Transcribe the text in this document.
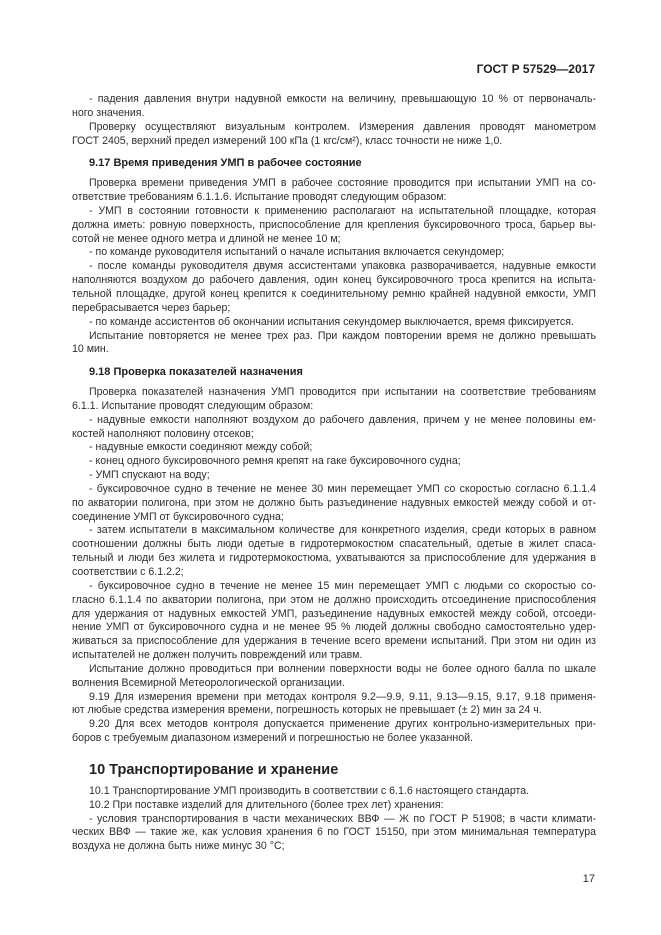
ГОСТ Р 57529—2017
- падения давления внутри надувной емкости на величину, превышающую 10 % от первоначаль-
ного значения.
Проверку осуществляют визуальным контролем. Измерения давления проводят манометром
ГОСТ 2405, верхний предел измерений 100 кПа (1 кгс/см²), класс точности не ниже 1,0.
9.17 Время приведения УМП в рабочее состояние
Проверка времени приведения УМП в рабочее состояние проводится при испытании УМП на со-
ответствие требованиям 6.1.1.6. Испытание проводят следующим образом:
- УМП в состоянии готовности к применению располагают на испытательной площадке, которая
должна иметь: ровную поверхность, приспособление для крепления буксировочного троса, барьер вы-
сотой не менее одного метра и длиной не менее 10 м;
- по команде руководителя испытаний о начале испытания включается секундомер;
- после команды руководителя двумя ассистентами упаковка разворачивается, надувные емкости
наполняются воздухом до рабочего давления, один конец буксировочного троса крепится на испыта-
тельной площадке, другой конец крепится к соединительному ремню крайней надувной емкости, УМП
перебрасывается через барьер;
- по команде ассистентов об окончании испытания секундомер выключается, время фиксируется.
Испытание повторяется не менее трех раз. При каждом повторении время не должно превышать
10 мин.
9.18 Проверка показателей назначения
Проверка показателей назначения УМП проводится при испытании на соответствие требованиям
6.1.1. Испытание проводят следующим образом:
- надувные емкости наполняют воздухом до рабочего давления, причем у не менее половины ем-
костей наполняют половину отсеков;
- надувные емкости соединяют между собой;
- конец одного буксировочного ремня крепят на гаке буксировочного судна;
- УМП спускают на воду;
- буксировочное судно в течение не менее 30 мин перемещает УМП со скоростью согласно 6.1.1.4
по акватории полигона, при этом не должно быть разъединение надувных емкостей между собой и от-
соединение УМП от буксировочного судна;
- затем испытатели в максимальном количестве для конкретного изделия, среди которых в равном
соотношении должны быть люди одетые в гидротермокостюм спасательный, одетые в жилет спаса-
тельный и люди без жилета и гидротермокостюма, ухватываются за приспособление для удержания в
соответствии с 6.1.2.2;
- буксировочное судно в течение не менее 15 мин перемещает УМП с людьми со скоростью со-
гласно 6.1.1.4 по акватории полигона, при этом не должно происходить отсоединение приспособления
для удержания от надувных емкостей УМП, разъединение надувных емкостей между собой, отсоеди-
нение УМП от буксировочного судна и не менее 95 % людей должны свободно самостоятельно удер-
живаться за приспособление для удержания в течение всего времени испытаний. При этом ни один из
испытателей не должен получить повреждений или травм.
Испытание должно проводиться при волнении поверхности воды не более одного балла по шкале
волнения Всемирной Метеорологической организации.
9.19 Для измерения времени при методах контроля 9.2—9.9, 9.11, 9.13—9.15, 9.17, 9.18 применя-
ют любые средства измерения времени, погрешность которых не превышает (± 2) мин за 24 ч.
9.20 Для всех методов контроля допускается применение других контрольно-измерительных при-
боров с требуемым диапазоном измерений и погрешностью не более указанной.
10 Транспортирование и хранение
10.1 Транспортирование УМП производить в соответствии с 6.1.6 настоящего стандарта.
10.2 При поставке изделий для длительного (более трех лет) хранения:
- условия транспортирования в части механических ВВФ — Ж по ГОСТ Р 51908; в части климати-
ческих ВВФ — такие же, как условия хранения 6 по ГОСТ 15150, при этом минимальная температура
воздуха не должна быть ниже минус 30 °С;
17
